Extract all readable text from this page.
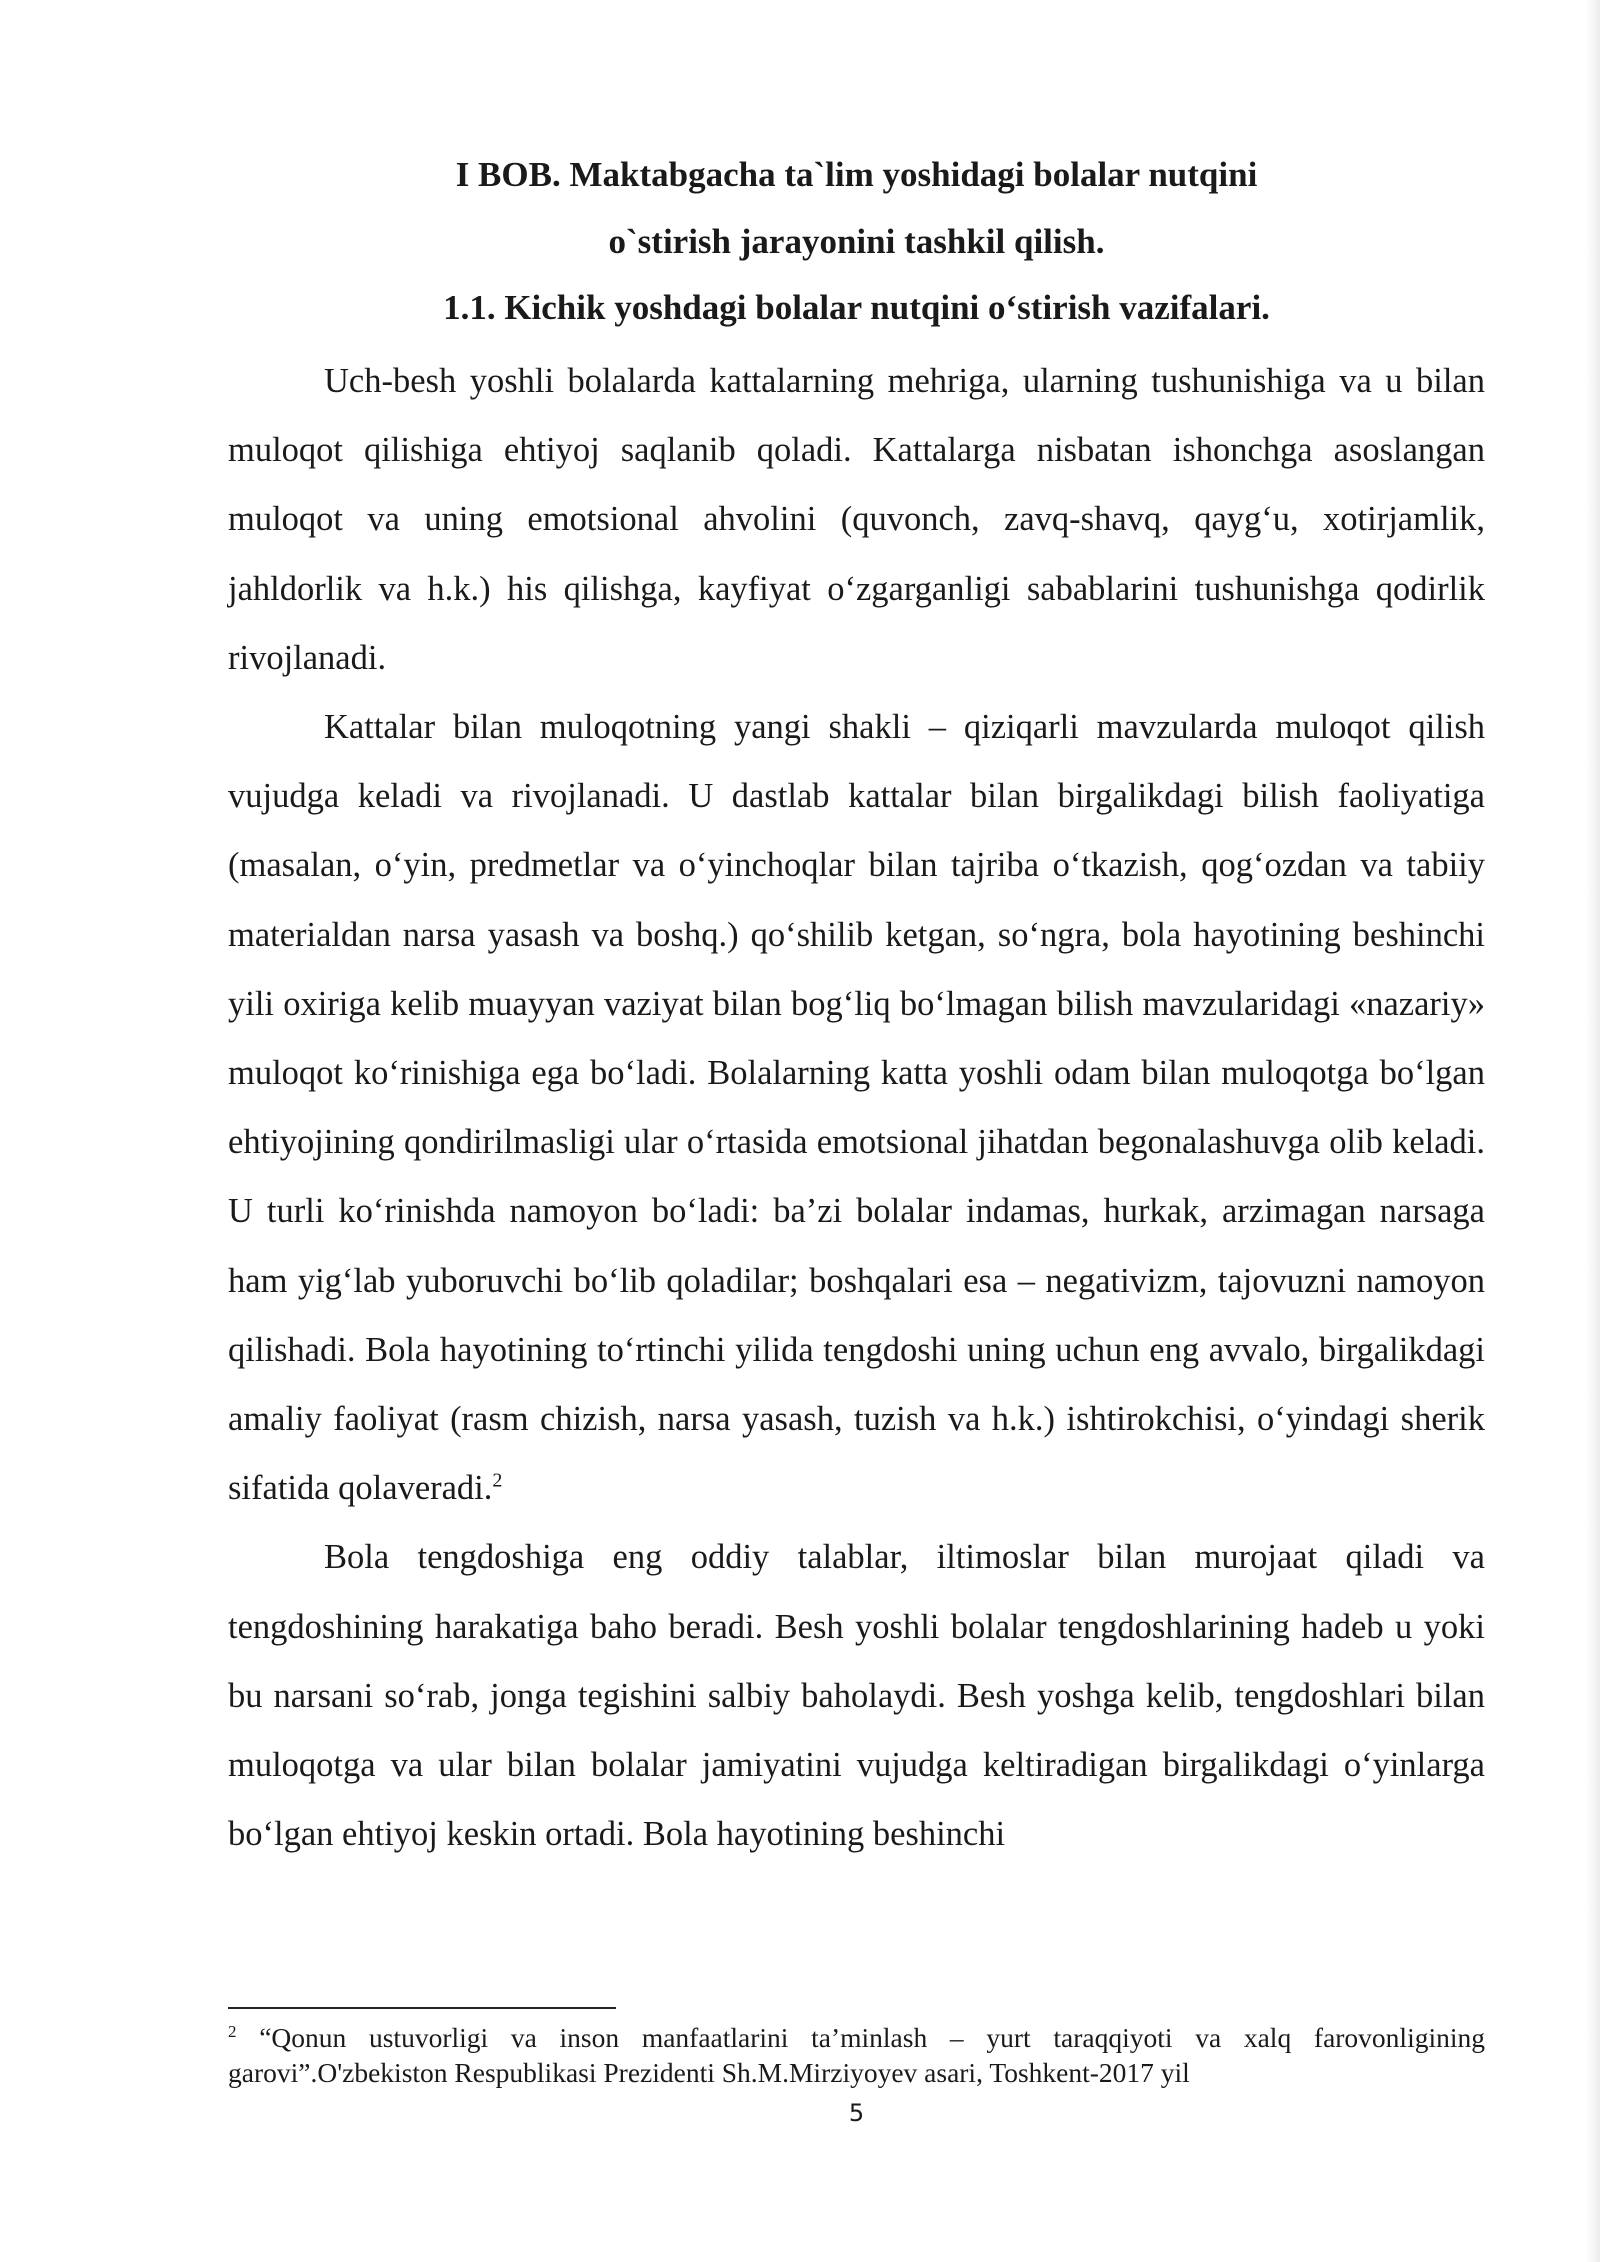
I BOB. Maktabgacha ta`lim yoshidagi bolalar nutqini
o`stirish jarayonini tashkil qilish.
1.1. Kichik yoshdagi bolalar nutqini o‘stirish vazifalari.

Uch-besh yoshli bolalarda kattalarning mehriga, ularning tushunishiga va u bilan muloqot qilishiga ehtiyoj saqlanib qoladi. Kattalarga nisbatan ishonchga asoslangan muloqot va uning emotsional ahvolini (quvonch, zavq-shavq, qayg‘u, xotirjamlik, jahldorlik va h.k.) his qilishga, kayfiyat o‘zgarganligi sabablarini tushunishga qodirlik rivojlanadi.

Kattalar bilan muloqotning yangi shakli – qiziqarli mavzularda muloqot qilish vujudga keladi va rivojlanadi. U dastlab kattalar bilan birgalikdagi bilish faoliyatiga (masalan, o‘yin, predmetlar va o‘yinchoqlar bilan tajriba o‘tkazish, qog‘ozdan va tabiiy materialdan narsa yasash va boshq.) qo‘shilib ketgan, so‘ngra, bola hayotining beshinchi yili oxiriga kelib muayyan vaziyat bilan bog‘liq bo‘lmagan bilish mavzularidagi «nazariy» muloqot ko‘rinishiga ega bo‘ladi. Bolalarning katta yoshli odam bilan muloqotga bo‘lgan ehtiyojining qondirilmasligi ular o‘rtasida emotsional jihatdan begonalashuvga olib keladi. U turli ko‘rinishda namoyon bo‘ladi: ba’zi bolalar indamas, hurkak, arzimagan narsaga ham yig‘lab yuboruvchi bo‘lib qoladilar; boshqalari esa – negativizm, tajovuzni namoyon qilishadi. Bola hayotining to‘rtinchi yilida tengdoshi uning uchun eng avvalo, birgalikdagi amaliy faoliyat (rasm chizish, narsa yasash, tuzish va h.k.) ishtirokchisi, o‘yindagi sherik sifatida qolaveradi.$^2$

Bola tengdoshiga eng oddiy talablar, iltimoslar bilan murojaat qiladi va tengdoshining harakatiga baho beradi. Besh yoshli bolalar tengdoshlarining hadeb u yoki bu narsani so‘rab, jonga tegishini salbiy baholaydi. Besh yoshga kelib, tengdoshlari bilan muloqotga va ular bilan bolalar jamiyatini vujudga keltiradigan birgalikdagi o‘yinlarga bo‘lgan ehtiyoj keskin ortadi. Bola hayotining beshinchi

$^2$ “Qonun ustuvorligi va inson manfaatlarini ta’minlash – yurt taraqqiyoti va xalq farovonligining garovi”.O'zbekiston Respublikasi Prezidenti Sh.M.Mirziyoyev asari, Toshkent-2017 yil

5
